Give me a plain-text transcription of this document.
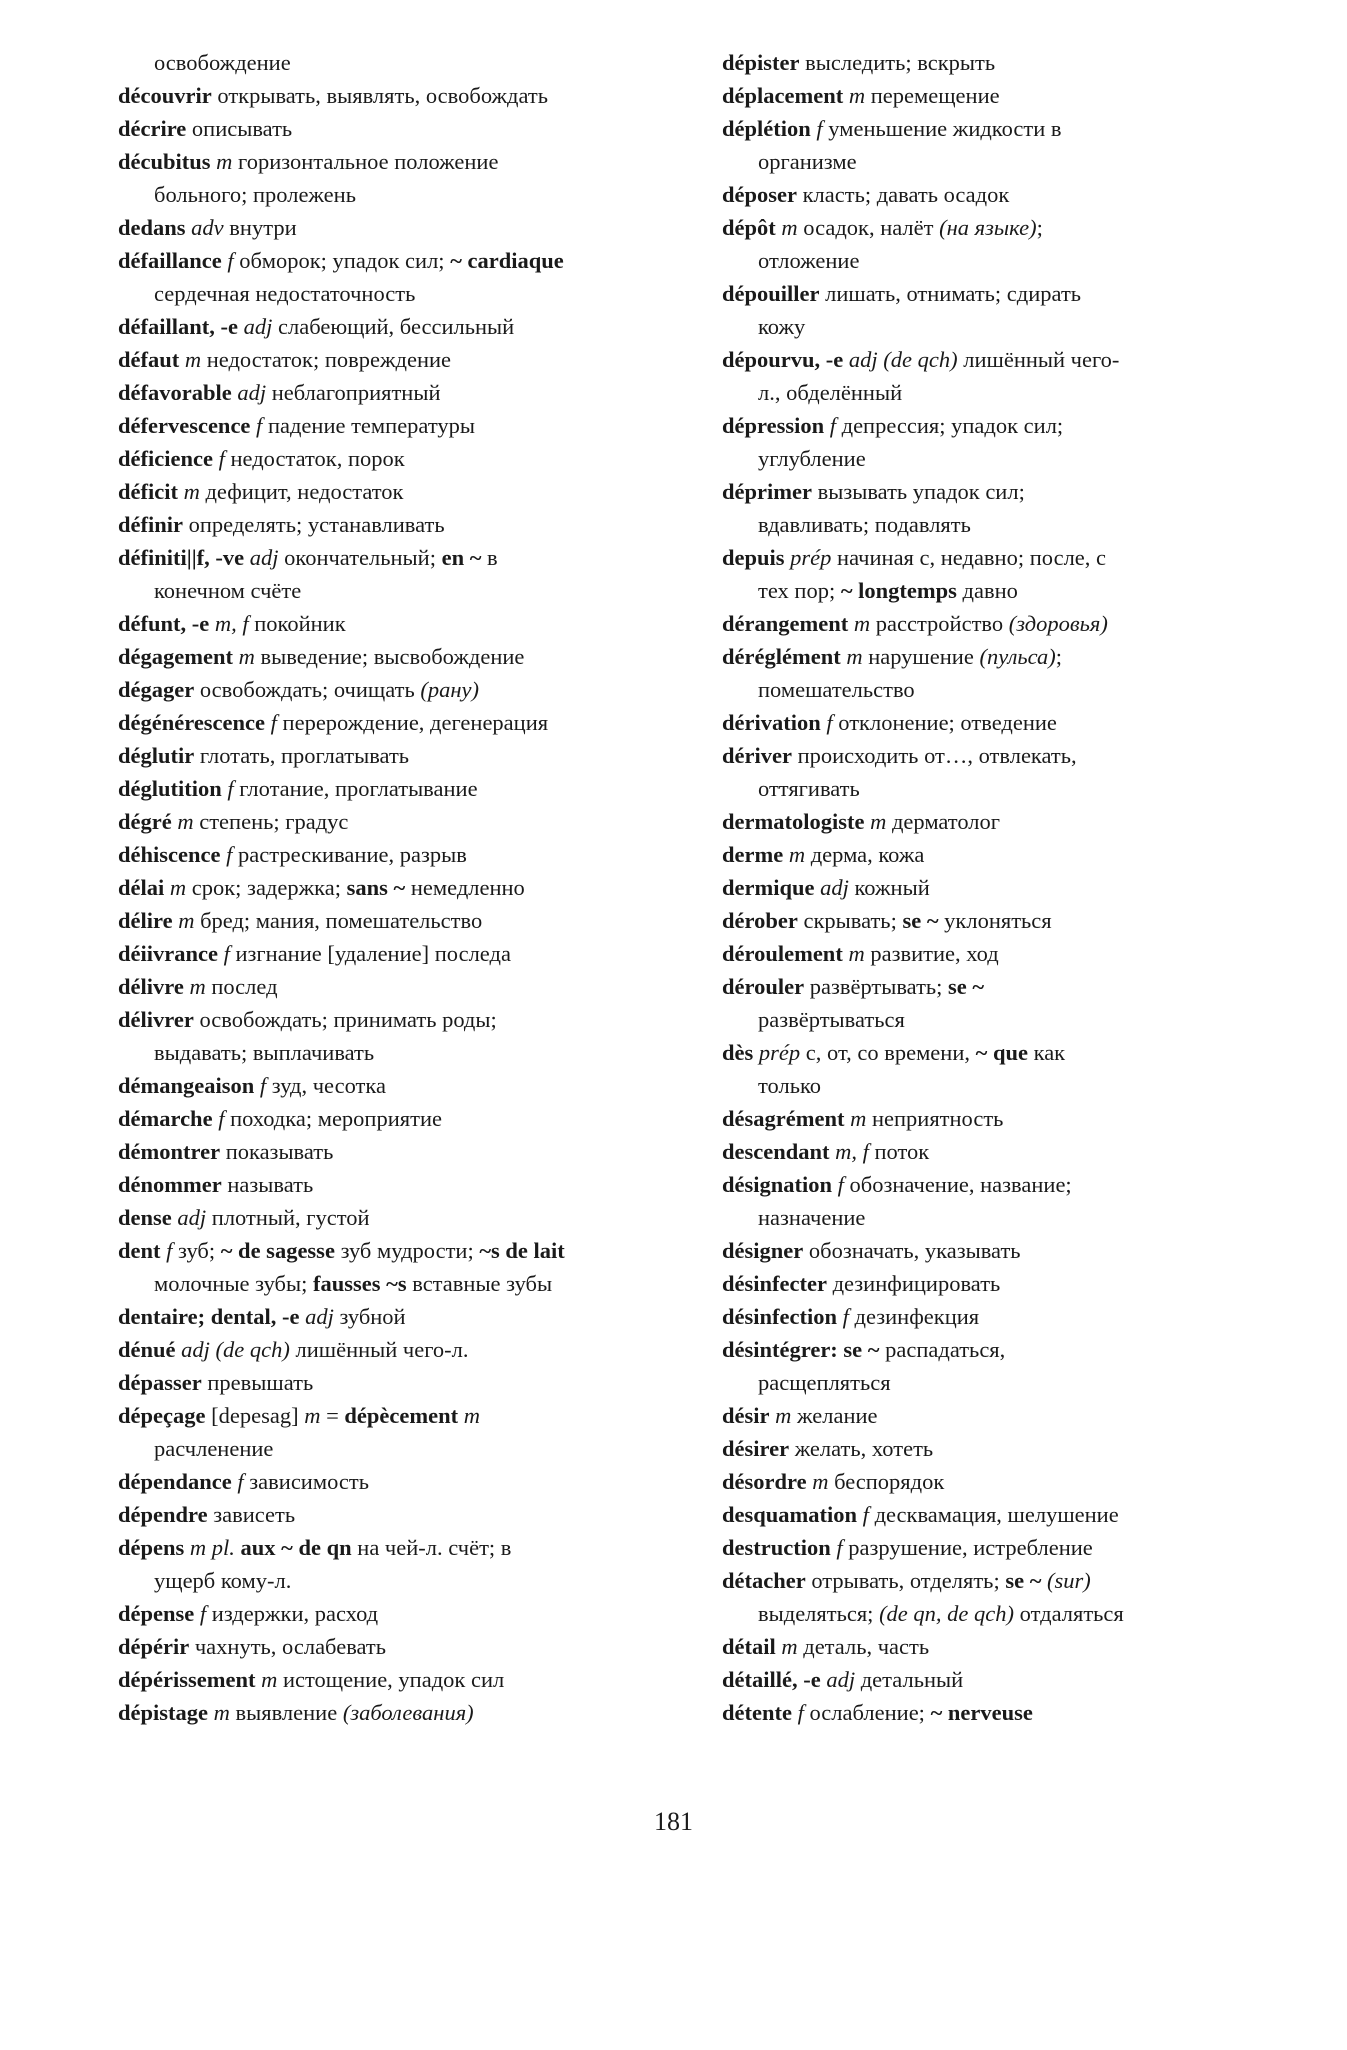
освобождение
découvrir открывать, выявлять, освобождать
décrire описывать
décubitus m горизонтальное положение
больного; пролежень
dedans adv внутри
défaillance f обморок; упадок сил; ~ cardiaque
сердечная недостаточность
défaillant, -e adj слабеющий, бессильный
défaut m недостаток; повреждение
défavorable adj неблагоприятный
défervescence f падение температуры
déficience f недостаток, порок
déficit m дефицит, недостаток
définir определять; устанавливать
définiti||f, -ve adj окончательный; en ~ в
конечном счёте
défunt, -e m, f покойник
dégagement m выведение; высвобождение
dégager освобождать; очищать (рану)
dégénérescence f перерождение, дегенерация
déglutir глотать, проглатывать
déglutition f глотание, проглатывание
dégré m степень; градус
déhiscence f растрескивание, разрыв
délai m срок; задержка; sans ~ немедленно
délire m бред; мания, помешательство
déiivrance f изгнание [удаление] последа
délivre m послед
délivrer освобождать; принимать роды;
выдавать; выплачивать
démangeaison f зуд, чесотка
démarche f походка; мероприятие
démontrer показывать
dénommer называть
dense adj плотный, густой
dent f зуб; ~ de sagesse зуб мудрости; ~s de lait
молочные зубы; fausses ~s вставные зубы
dentaire; dental, -e adj зубной
dénué adj (de qch) лишённый чего-л.
dépasser превышать
dépeçage [depesag] m = dépècement m
расчленение
dépendance f зависимость
dépendre зависеть
dépens m pl. aux ~ de qn на чей-л. счёт; в
ущерб кому-л.
dépense f издержки, расход
dépérir чахнуть, ослабевать
dépérissement m истощение, упадок сил
dépistage m выявление (заболевания)
dépister выследить; вскрыть
déplacement m перемещение
déplétion f уменьшение жидкости в
организме
déposer класть; давать осадок
dépôt m осадок, налёт (на языке);
отложение
dépouiller лишать, отнимать; сдирать
кожу
dépourvu, -e adj (de qch) лишённый чего-
л., обделённый
dépression f депрессия; упадок сил;
углубление
déprimer вызывать упадок сил;
вдавливать; подавлять
depuis prép начиная с, недавно; после, с
тех пор; ~ longtemps давно
dérangement m расстройство (здоровья)
déréglément m нарушение (пульса);
помешательство
dérivation f отклонение; отведение
dériver происходить от…, отвлекать,
оттягивать
dermatologiste m дерматолог
derme m дерма, кожа
dermique adj кожный
dérober скрывать; se ~ уклоняться
déroulement m развитие, ход
dérouler развёртывать; se ~
развёртываться
dès prép с, от, со времени, ~ que как
только
désagrément m неприятность
descendant m, f поток
désignation f обозначение, название;
назначение
désigner обозначать, указывать
désinfecter дезинфицировать
désinfection f дезинфекция
désintégrer: se ~ распадаться,
расщепляться
désir m желание
désirer желать, хотеть
désordre m беспорядок
desquamation f десквамация, шелушение
destruction f разрушение, истребление
détacher отрывать, отделять; se ~ (sur)
выделяться; (de qn, de qch) отдаляться
détail m деталь, часть
détaillé, -e adj детальный
détente f ослабление; ~ nerveuse
181
